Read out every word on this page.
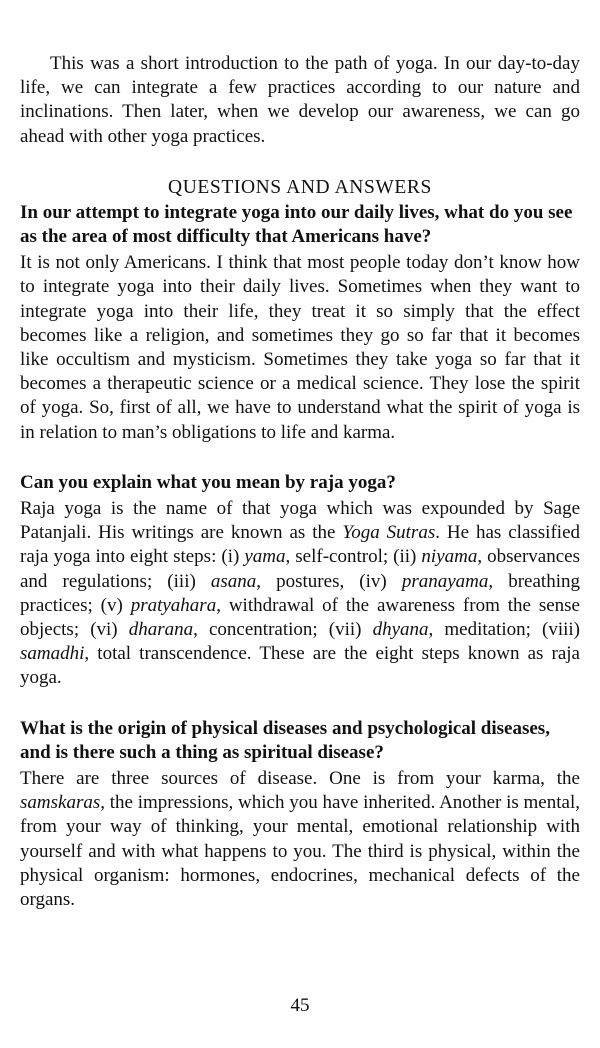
This was a short introduction to the path of yoga. In our day-to-day life, we can integrate a few practices according to our nature and inclinations. Then later, when we develop our awareness, we can go ahead with other yoga practices.

QUESTIONS AND ANSWERS

In our attempt to integrate yoga into our daily lives, what do you see as the area of most difficulty that Americans have?

It is not only Americans. I think that most people today don’t know how to integrate yoga into their daily lives. Sometimes when they want to integrate yoga into their life, they treat it so simply that the effect becomes like a religion, and sometimes they go so far that it becomes like occultism and mysticism. Sometimes they take yoga so far that it becomes a therapeutic science or a medical science. They lose the spirit of yoga. So, first of all, we have to understand what the spirit of yoga is in relation to man’s obligations to life and karma.

Can you explain what you mean by raja yoga?

Raja yoga is the name of that yoga which was expounded by Sage Patanjali. His writings are known as the Yoga Sutras. He has classified raja yoga into eight steps: (i) yama, self-control; (ii) niyama, observances and regulations; (iii) asana, postures, (iv) pranayama, breathing practices; (v) pratyahara, withdrawal of the awareness from the sense objects; (vi) dharana, concentration; (vii) dhyana, meditation; (viii) samadhi, total transcendence. These are the eight steps known as raja yoga.

What is the origin of physical diseases and psychological diseases, and is there such a thing as spiritual disease?

There are three sources of disease. One is from your karma, the samskaras, the impressions, which you have inherited. Another is mental, from your way of thinking, your mental, emotional relationship with yourself and with what happens to you. The third is physical, within the physical organism: hormones, endocrines, mechanical defects of the organs.

45
